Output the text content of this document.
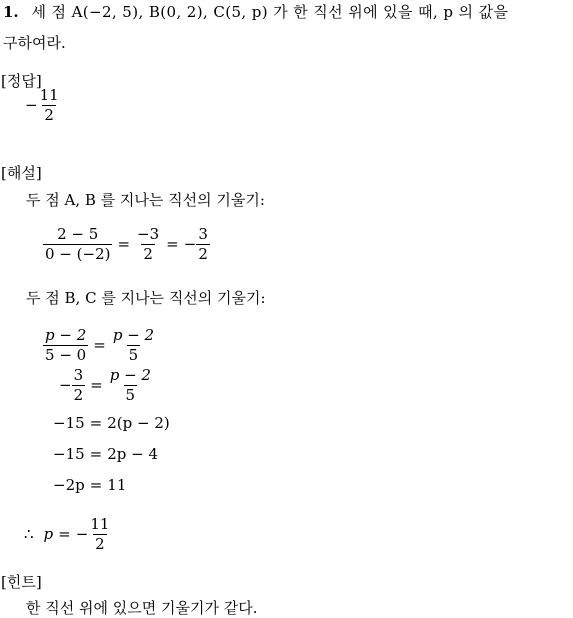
1. 세 점 A(−2, 5), B(0, 2), C(5, p) 가 한 직선 위에 있을 때, p 의 값을
구하여라.
[정답]
− $\frac{11}{2}$
[해설]
두 점 A, B 를 지나는 직선의 기울기:
$\frac{2 - 5}{0 - (-2)} = \frac{-3}{2}$ = − $\frac{3}{2}$
두 점 B, C 를 지나는 직선의 기울기:
$\frac{p - 2}{5 - 0} = \frac{p - 2}{5}$
− $\frac{3}{2} = \frac{p - 2}{5}$
−15 = 2(p − 2)
−15 = 2p − 4
−2p = 11
∴ p = − $\frac{11}{2}$
[힌트]
한 직선 위에 있으면 기울기가 같다.
